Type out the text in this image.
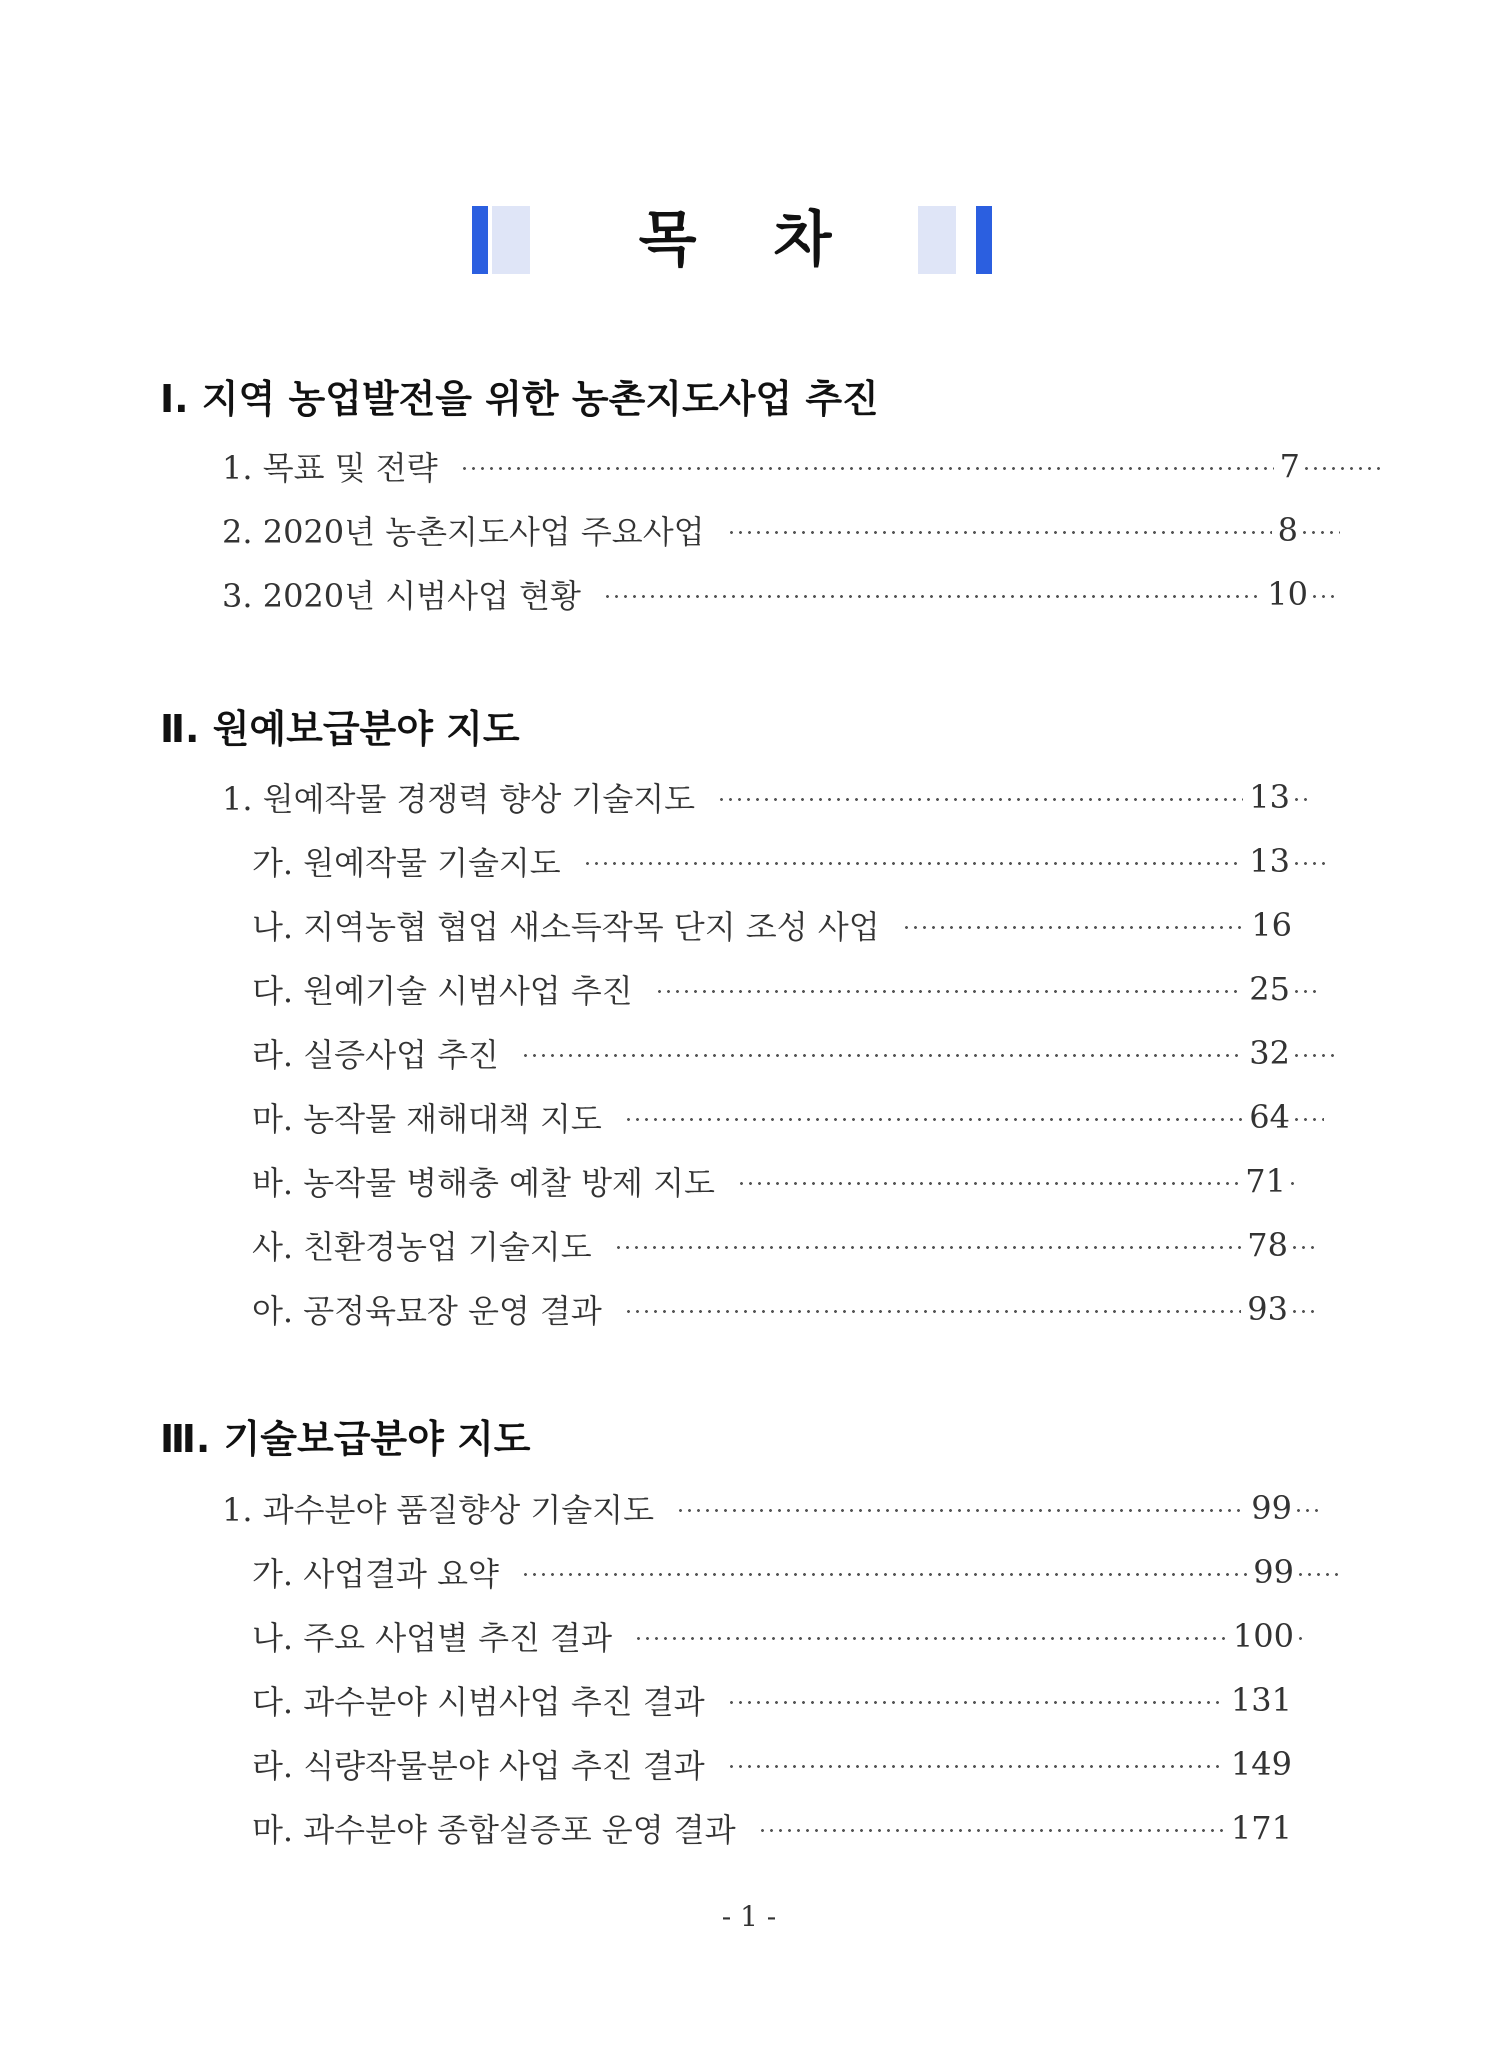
목 차
Ⅰ. 지역 농업발전을 위한 농촌지도사업 추진
1. 목표 및 전략	7
2. 2020년 농촌지도사업 주요사업	8
3. 2020년 시범사업 현황	10
Ⅱ. 원예보급분야 지도
1. 원예작물 경쟁력 향상 기술지도	13
가. 원예작물 기술지도	13
나. 지역농협 협업 새소득작목 단지 조성 사업	16
다. 원예기술 시범사업 추진	25
라. 실증사업 추진	32
마. 농작물 재해대책 지도	64
바. 농작물 병해충 예찰 방제 지도	71
사. 친환경농업 기술지도	78
아. 공정육묘장 운영 결과	93
Ⅲ. 기술보급분야 지도
1. 과수분야 품질향상 기술지도	99
가. 사업결과 요약	99
나. 주요 사업별 추진 결과	100
다. 과수분야 시범사업 추진 결과	131
라. 식량작물분야 사업 추진 결과	149
마. 과수분야 종합실증포 운영 결과	171
- 1 -
